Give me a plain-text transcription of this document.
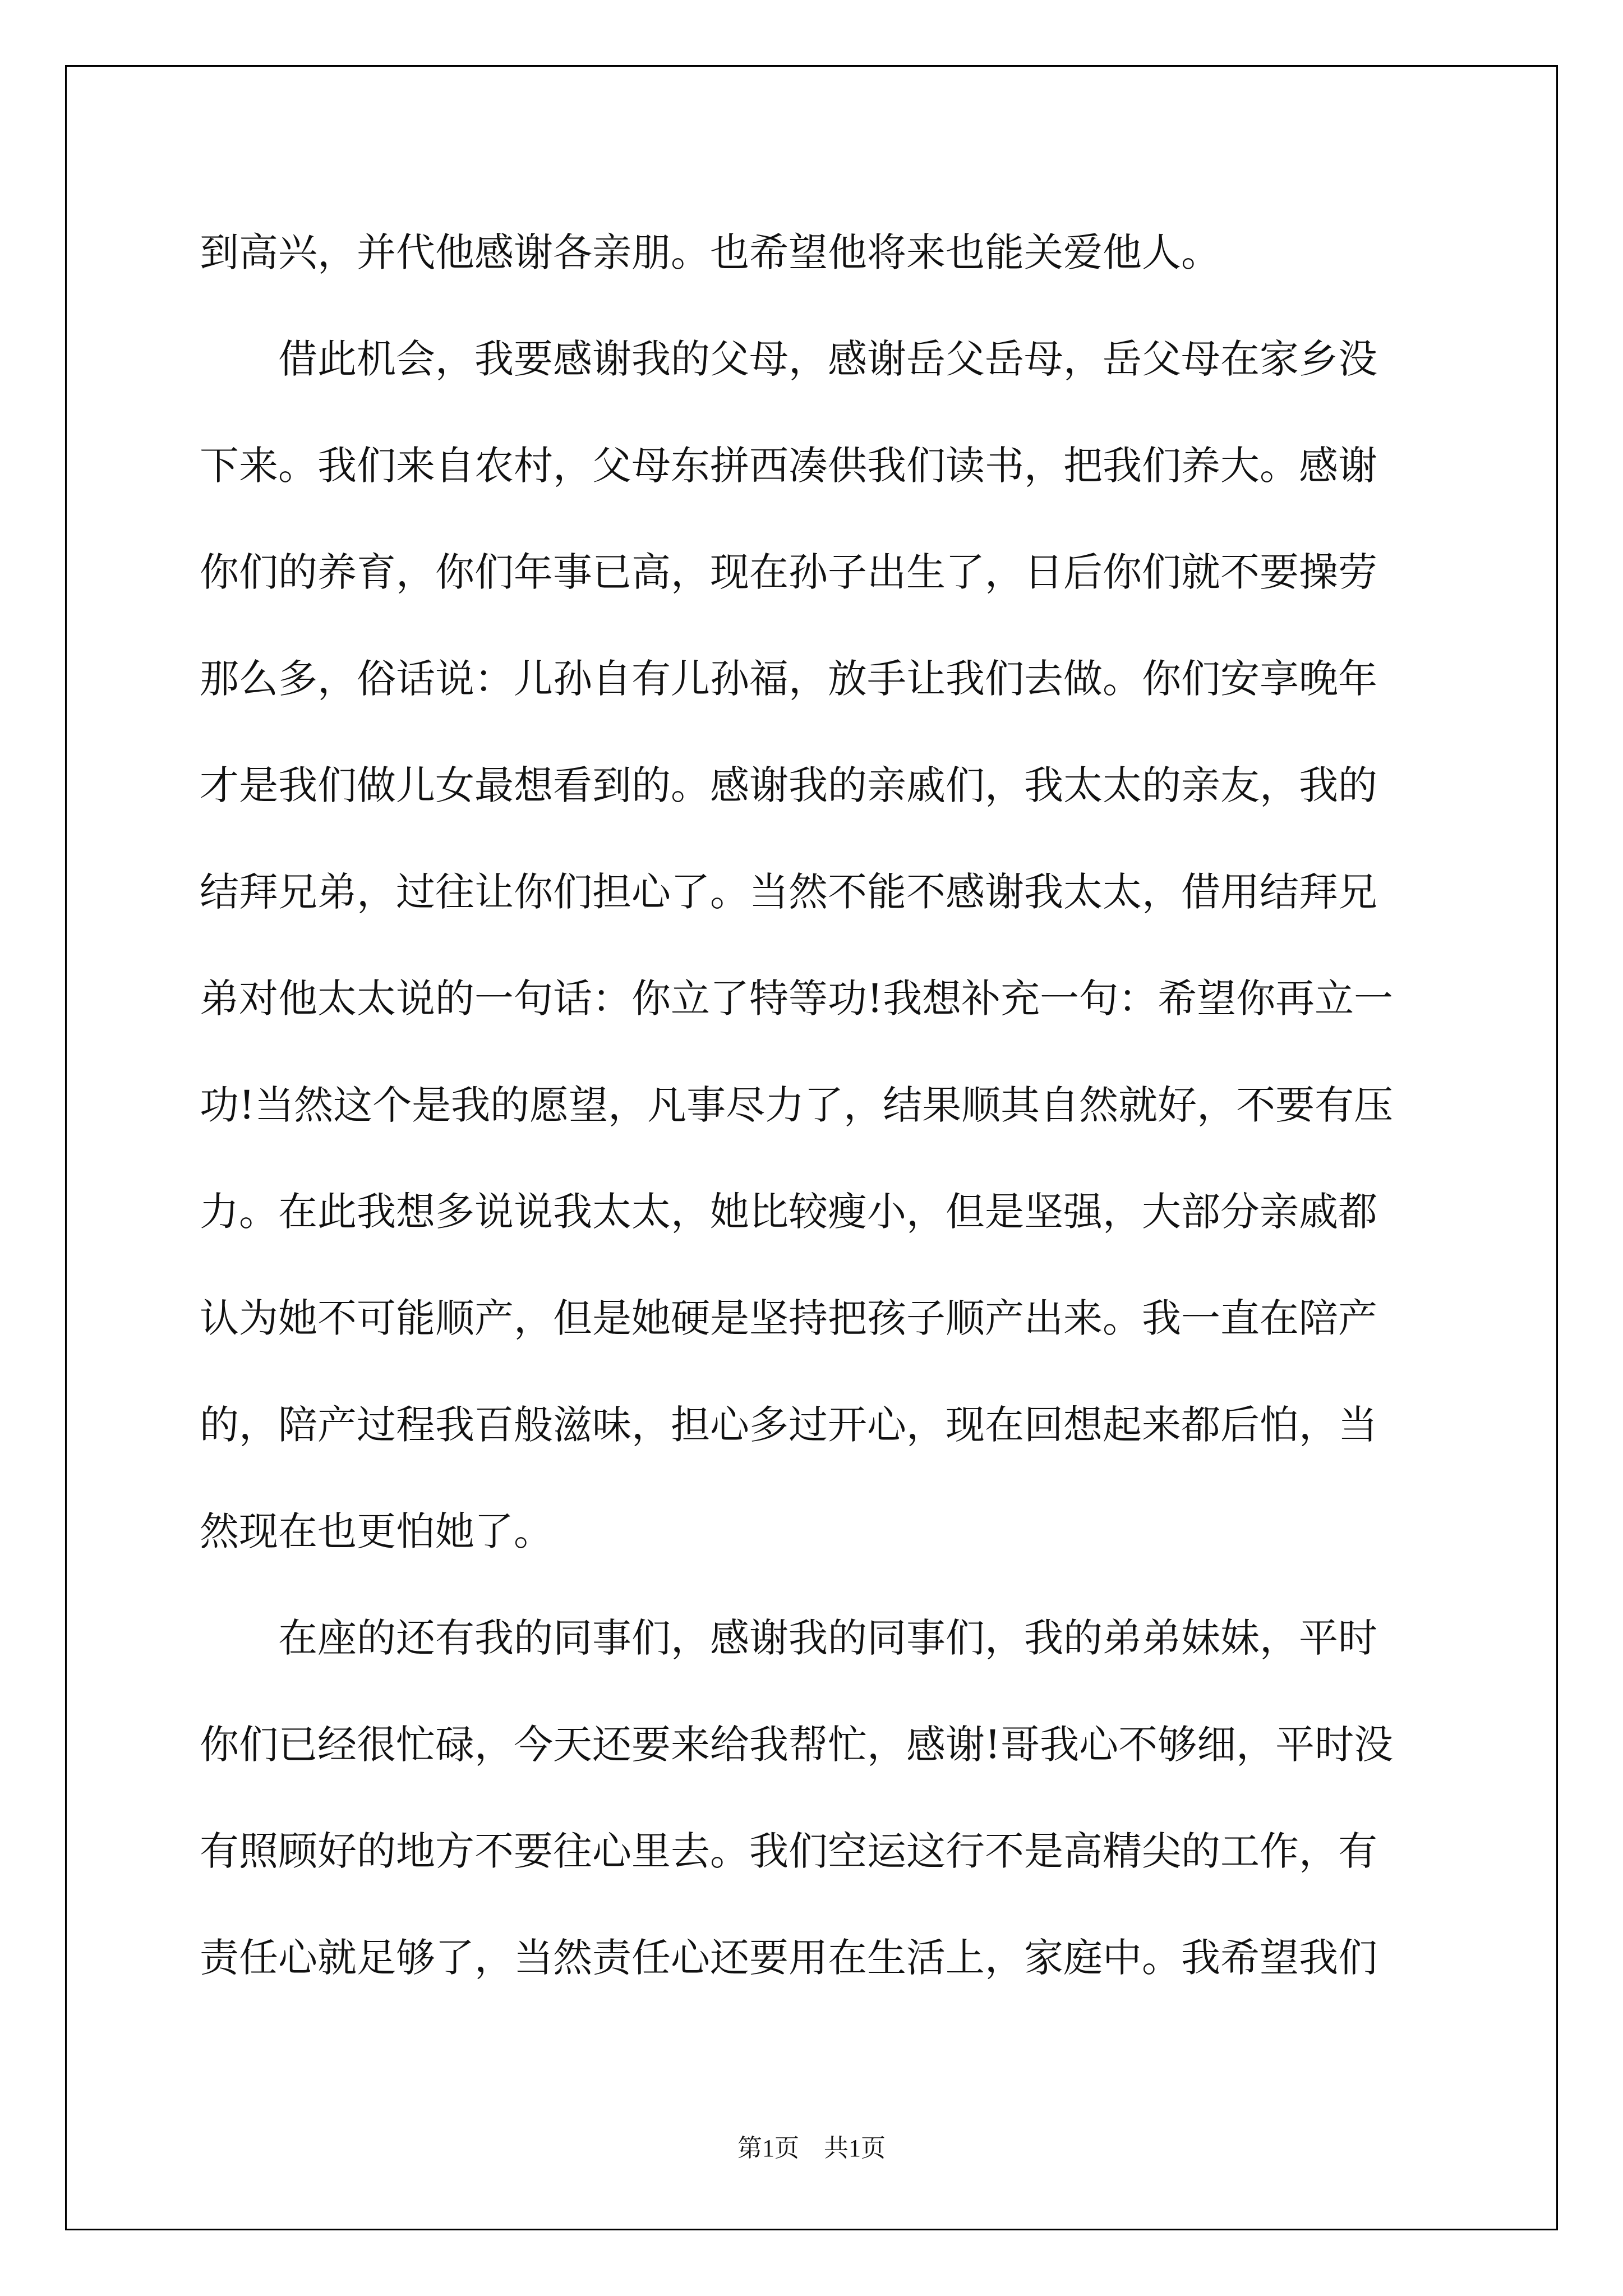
到高兴，并代他感谢各亲朋。也希望他将来也能关爱他人。
　　借此机会，我要感谢我的父母，感谢岳父岳母，岳父母在家乡没
下来。我们来自农村，父母东拼西凑供我们读书，把我们养大。感谢
你们的养育，你们年事已高，现在孙子出生了，日后你们就不要操劳
那么多，俗话说：儿孙自有儿孙福，放手让我们去做。你们安享晚年
才是我们做儿女最想看到的。感谢我的亲戚们，我太太的亲友，我的
结拜兄弟，过往让你们担心了。当然不能不感谢我太太，借用结拜兄
弟对他太太说的一句话：你立了特等功!我想补充一句：希望你再立一
功!当然这个是我的愿望，凡事尽力了，结果顺其自然就好，不要有压
力。在此我想多说说我太太，她比较瘦小，但是坚强，大部分亲戚都
认为她不可能顺产，但是她硬是坚持把孩子顺产出来。我一直在陪产
的，陪产过程我百般滋味，担心多过开心，现在回想起来都后怕，当
然现在也更怕她了。
　　在座的还有我的同事们，感谢我的同事们，我的弟弟妹妹，平时
你们已经很忙碌，今天还要来给我帮忙，感谢!哥我心不够细，平时没
有照顾好的地方不要往心里去。我们空运这行不是高精尖的工作，有
责任心就足够了，当然责任心还要用在生活上，家庭中。我希望我们
第1页　共1页
